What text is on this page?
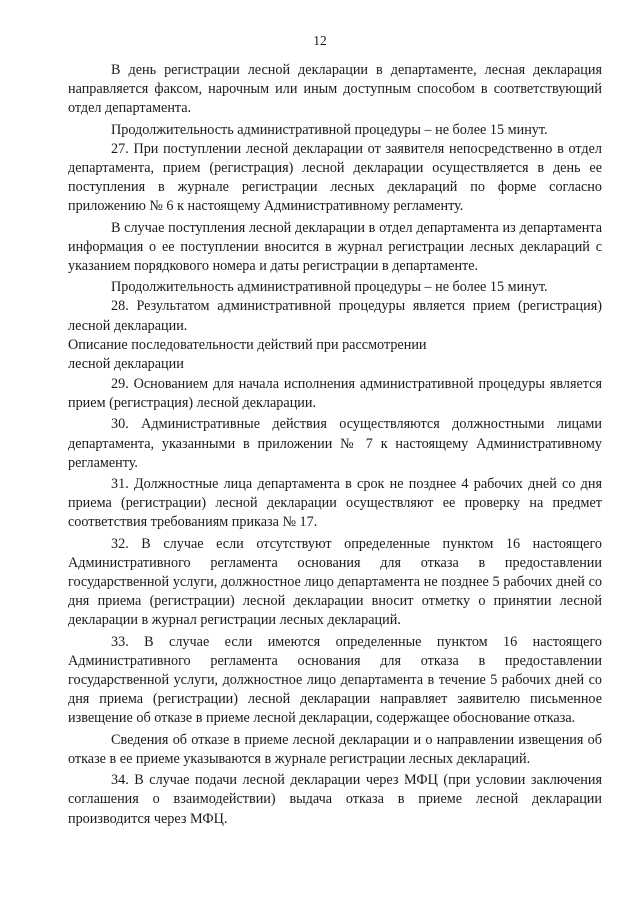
12

В день регистрации лесной декларации в департаменте, лесная декларация направляется факсом, нарочным или иным доступным способом в соответствующий отдел департамента.

Продолжительность административной процедуры – не более 15 минут.

27. При поступлении лесной декларации от заявителя непосредственно в отдел департамента, прием (регистрация) лесной декларации осуществляется в день ее поступления в журнале регистрации лесных деклараций по форме согласно приложению № 6 к настоящему Административному регламенту.

В случае поступления лесной декларации в отдел департамента из департамента информация о ее поступлении вносится в журнал регистрации лесных деклараций с указанием порядкового номера и даты регистрации в департаменте.

Продолжительность административной процедуры – не более 15 минут.

28. Результатом административной процедуры является прием (регистрация) лесной декларации.

Описание последовательности действий при рассмотрении
лесной декларации

29. Основанием для начала исполнения административной процедуры является прием (регистрация) лесной декларации.

30. Административные действия осуществляются должностными лицами департамента, указанными в приложении № 7 к настоящему Административному регламенту.

31. Должностные лица департамента в срок не позднее 4 рабочих дней со дня приема (регистрации) лесной декларации осуществляют ее проверку на предмет соответствия требованиям приказа № 17.

32. В случае если отсутствуют определенные пунктом 16 настоящего Административного регламента основания для отказа в предоставлении государственной услуги, должностное лицо департамента не позднее 5 рабочих дней со дня приема (регистрации) лесной декларации вносит отметку о принятии лесной декларации в журнал регистрации лесных деклараций.

33. В случае если имеются определенные пунктом 16 настоящего Административного регламента основания для отказа в предоставлении государственной услуги, должностное лицо департамента в течение 5 рабочих дней со дня приема (регистрации) лесной декларации направляет заявителю письменное извещение об отказе в приеме лесной декларации, содержащее обоснование отказа.

Сведения об отказе в приеме лесной декларации и о направлении извещения об отказе в ее приеме указываются в журнале регистрации лесных деклараций.

34. В случае подачи лесной декларации через МФЦ (при условии заключения соглашения о взаимодействии) выдача отказа в приеме лесной декларации производится через МФЦ.
